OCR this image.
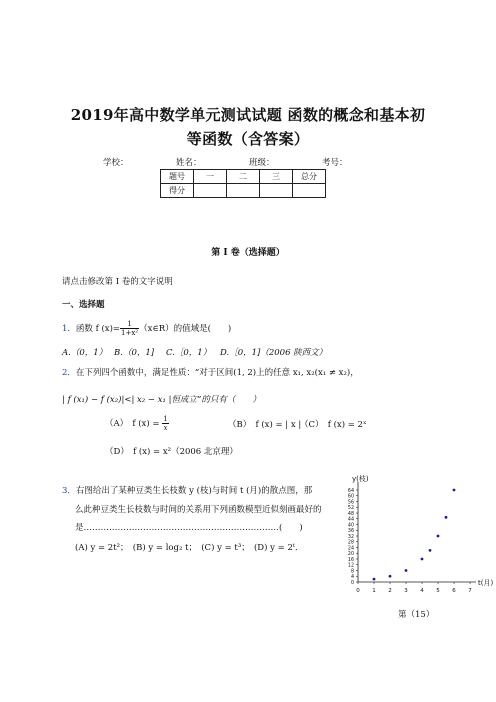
2019年高中数学单元测试试题 函数的概念和基本初
等函数（含答案）
学校：	姓名：	班级：	考号：
题号	一	二	三	总分
得分				
第 I 卷（选择题）
请点击修改第 I 卷的文字说明
一、选择题
1．函数 f $(x)= \frac{1}{\text{1+x²}}$ （x∈R）的值域是(　　)
A.（0，1） B.（0，1] C.［0，1） D.［0，1]（2006 陕西文）
2．在下列四个函数中，满足性质：“对于区间(1, 2)上的任意 x₁, x₂(x₁ ≠ x₂)，
| f (x₁) − f (x₂)|<| x₂ − x₁ |恒成立”的只有（　　）
（A）　f $(x) = \frac{1}{x}$	（B）　f (x) = | x |
（C）　f (x) = 2ˣ
（D）　f (x) = x²（2006 北京理）
3．右图给出了某种豆类生长枝数 y (枝)与时间 t (月)的散点图，那
么此种豆类生长枝数与时间的关系用下列函数模型近似刻画最好的
是……………………………………………………………(　　)
(A) y = 2t²；　(B) y = log₂ t；　(C) y = t³；　(D) y = 2ᵗ．
y(枝)
t(月)
0 1 2 3 4 5 6 7
0
4
8
12
16
20
24
28
32
36
40
44
48
52
56
60
64
第（15）
